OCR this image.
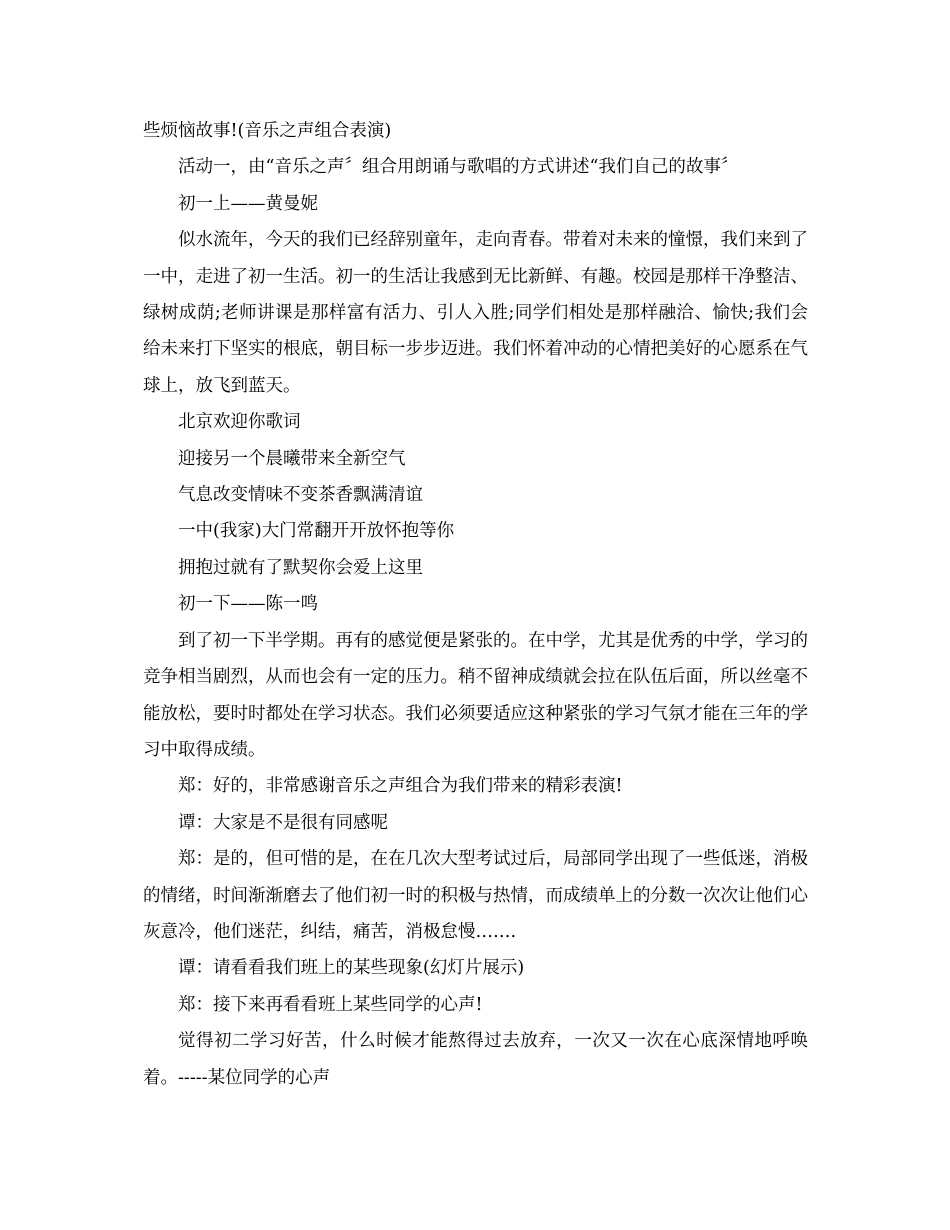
些烦恼故事!(音乐之声组合表演)

活动一，由“音乐之声〞组合用朗诵与歌唱的方式讲述“我们自己的故事〞

初一上——黄曼妮

似水流年，今天的我们已经辞别童年，走向青春。带着对未来的憧憬，我们来到了一中，走进了初一生活。初一的生活让我感到无比新鲜、有趣。校园是那样干净整洁、绿树成荫;老师讲课是那样富有活力、引人入胜;同学们相处是那样融洽、愉快;我们会给未来打下坚实的根底，朝目标一步步迈进。我们怀着冲动的心情把美好的心愿系在气球上，放飞到蓝天。

北京欢迎你歌词

迎接另一个晨曦带来全新空气

气息改变情味不变茶香飘满清谊

一中(我家)大门常翻开开放怀抱等你

拥抱过就有了默契你会爱上这里

初一下——陈一鸣

到了初一下半学期。再有的感觉便是紧张的。在中学，尤其是优秀的中学，学习的竞争相当剧烈，从而也会有一定的压力。稍不留神成绩就会拉在队伍后面，所以丝毫不能放松，要时时都处在学习状态。我们必须要适应这种紧张的学习气氛才能在三年的学习中取得成绩。

郑：好的，非常感谢音乐之声组合为我们带来的精彩表演!

谭：大家是不是很有同感呢

郑：是的，但可惜的是，在在几次大型考试过后，局部同学出现了一些低迷，消极的情绪，时间渐渐磨去了他们初一时的积极与热情，而成绩单上的分数一次次让他们心灰意冷，他们迷茫，纠结，痛苦，消极怠慢…….

谭：请看看我们班上的某些现象(幻灯片展示)

郑：接下来再看看班上某些同学的心声!

觉得初二学习好苦，什么时候才能熬得过去放弃，一次又一次在心底深情地呼唤着。-----某位同学的心声
